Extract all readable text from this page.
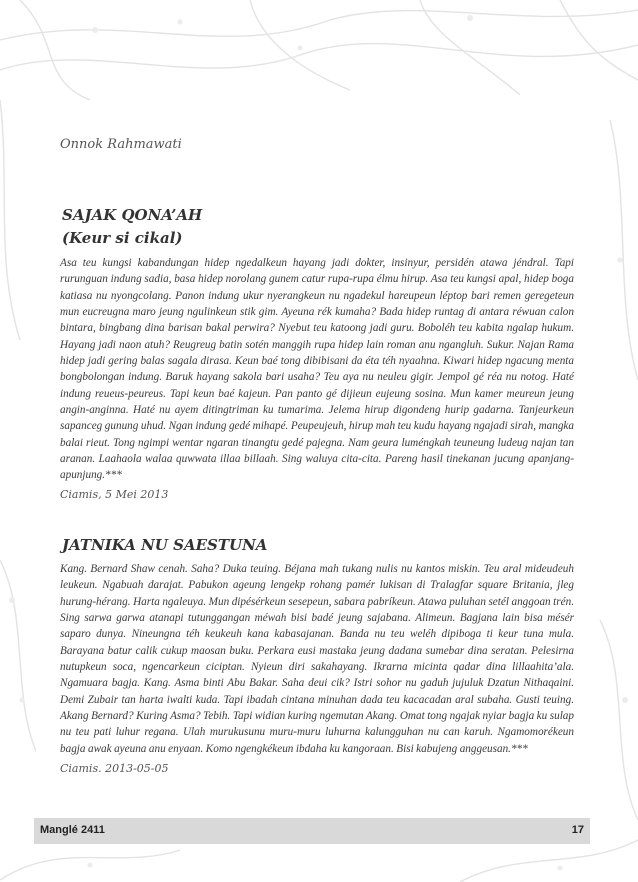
Onnok Rahmawati

SAJAK QONA’AH

(Keur si cikal)

Asa teu kungsi kabandungan hidep ngedalkeun hayang jadi dokter, insinyur, persidén atawa jéndral. Tapi rurunguan indung sadia, basa hidep norolang gunem catur rupa-rupa élmu hirup. Asa teu kungsi apal, hidep boga katiasa nu nyongcolang. Panon indung ukur nyerangkeun nu ngadekul hareupeun léptop bari remen geregeteun mun eucreugna maro jeung ngulinkeun stik gim. Ayeuna rék kumaha? Bada hidep runtag di antara réwuan calon bintara, bingbang dina barisan bakal perwira? Nyebut teu katoong jadi guru. Boboléh teu kabita ngalap hukum. Hayang jadi naon atuh? Reugreug batin sotén manggih rupa hidep lain roman anu ngangluh. Sukur. Najan Rama hidep jadi gering balas sagala dirasa. Keun baé tong dibibisani da éta téh nyaahna. Kiwari hidep ngacung menta bongbolongan indung. Baruk hayang sakola bari usaha? Teu aya nu neuleu gigir. Jempol gé réa nu notog. Haté indung reueus-peureus. Tapi keun baé kajeun. Pan panto gé dijieun eujeung sosina. Mun kamer meureun jeung angin-anginna. Haté nu ayem ditingtriman ku tumarima. Jelema hirup digondeng hurip gadarna. Tanjeurkeun sapanceg gunung uhud. Ngan indung gedé mihapé. Peupeujeuh, hirup mah teu kudu hayang ngajadi sirah, mangka balai rieut. Tong ngimpi wentar ngaran tinangtu gedé pajegna. Nam geura luméngkah teuneung ludeug najan tan aranan. Laahaola walaa quwwata illaa billaah. Sing waluya cita-cita. Pareng hasil tinekanan jucung apanjang-apunjung.***

Ciamis, 5 Mei 2013

JATNIKA NU SAESTUNA

Kang. Bernard Shaw cenah. Saha? Duka teuing. Béjana mah tukang nulis nu kantos miskin. Teu aral mideudeuh leukeun. Ngabuah darajat. Pabukon ageung lengekp rohang pamér lukisan di Tralagfar square Britania, jleg hurung-hérang. Harta ngaleuya. Mun dipésérkeun sesepeun, sabara pabríkeun. Atawa puluhan setél anggoan trén. Sing sarwa garwa atanapi tutunggangan méwah bisi badé jeung sajabana. Alimeun. Bagjana lain bisa mésér saparo dunya. Nineungna téh keukeuh kana kabasajanan. Banda nu teu weléh dipiboga ti keur tuna mula. Barayana batur calik cukup maosan buku. Perkara eusi mastaka jeung dadana sumebar dina seratan. Pelesirna nutupkeun soca, ngencarkeun ciciptan. Nyieun diri sakahayang. Ikrarna micinta qadar dina lillaahita’ala. Ngamuara bagja. Kang. Asma binti Abu Bakar. Saha deui cik? Istri sohor nu gaduh jujuluk Dzatun Nithaqaini. Demi Zubair tan harta iwalti kuda. Tapi ibadah cintana minuhan dada teu kacacadan aral subaha. Gusti teuing. Akang Bernard? Kuring Asma? Tebih. Tapi widian kuring ngemutan Akang. Omat tong ngajak nyiar bagja ku sulap nu teu pati luhur regana. Ulah murukusunu muru-muru luhurna kalungguhan nu can karuh. Ngamomorékeun bagja awak ayeuna anu enyaan. Komo ngengkékeun ibdaha ku kangoraan. Bisi kabujeng anggeusan.***

Ciamis. 2013-05-05

Manglé 2411	17
